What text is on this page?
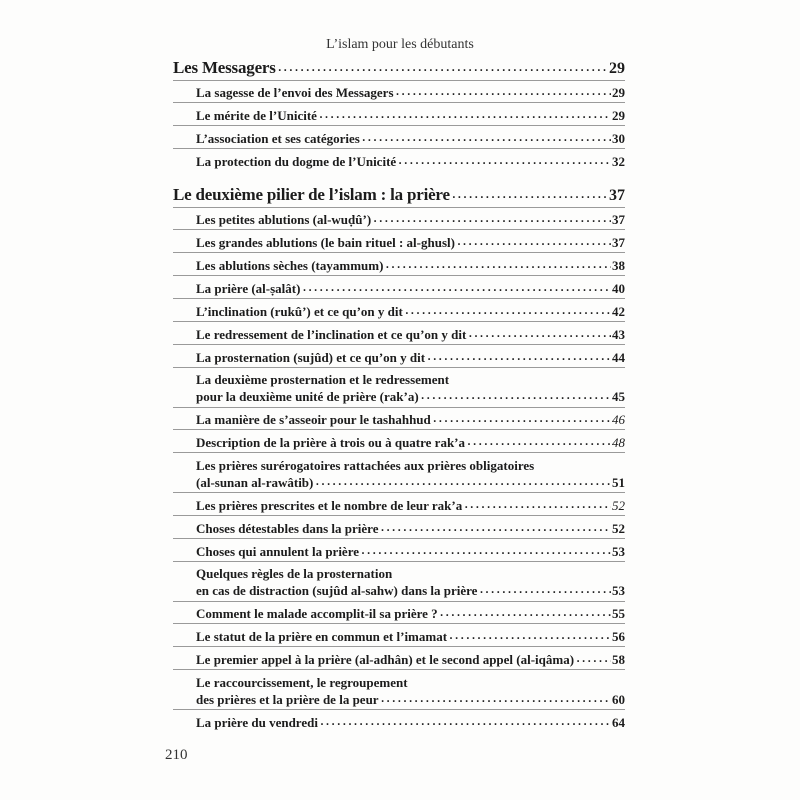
L’islam pour les débutants
Les Messagers . . .	29
La sagesse de l’envoi des Messagers . . .	29
Le mérite de l’Unicité . . .	29
L’association et ses catégories . . .	30
La protection du dogme de l’Unicité . . .	32
Le deuxième pilier de l’islam : la prière . . .	37
Les petites ablutions (al-wuḍû’) . . .	37
Les grandes ablutions (le bain rituel : al-ghusl) . . .	37
Les ablutions sèches (tayammum) . . .	38
La prière (al-ṣalât) . . .	40
L’inclination (rukû’) et ce qu’on y dit . . .	42
Le redressement de l’inclination et ce qu’on y dit . . .	43
La prosternation (sujûd) et ce qu’on y dit . . .	44
La deuxième prosternation et le redressement
pour la deuxième unité de prière (rak’a) . . .	45
La manière de s’asseoir pour le tashahhud . . .	46
Description de la prière à trois ou à quatre rak’a . . .	48
Les prières surérogatoires rattachées aux prières obligatoires
(al-sunan al-rawâtib) . . .	51
Les prières prescrites et le nombre de leur rak’a . . .	52
Choses détestables dans la prière . . .	52
Choses qui annulent la prière . . .	53
Quelques règles de la prosternation
en cas de distraction (sujûd al-sahw) dans la prière . . .	53
Comment le malade accomplit-il sa prière ? . . .	55
Le statut de la prière en commun et l’imamat . . .	56
Le premier appel à la prière (al-adhân) et le second appel (al-iqâma) . . .	58
Le raccourcissement, le regroupement
des prières et la prière de la peur . . .	60
La prière du vendredi . . .	64
210
